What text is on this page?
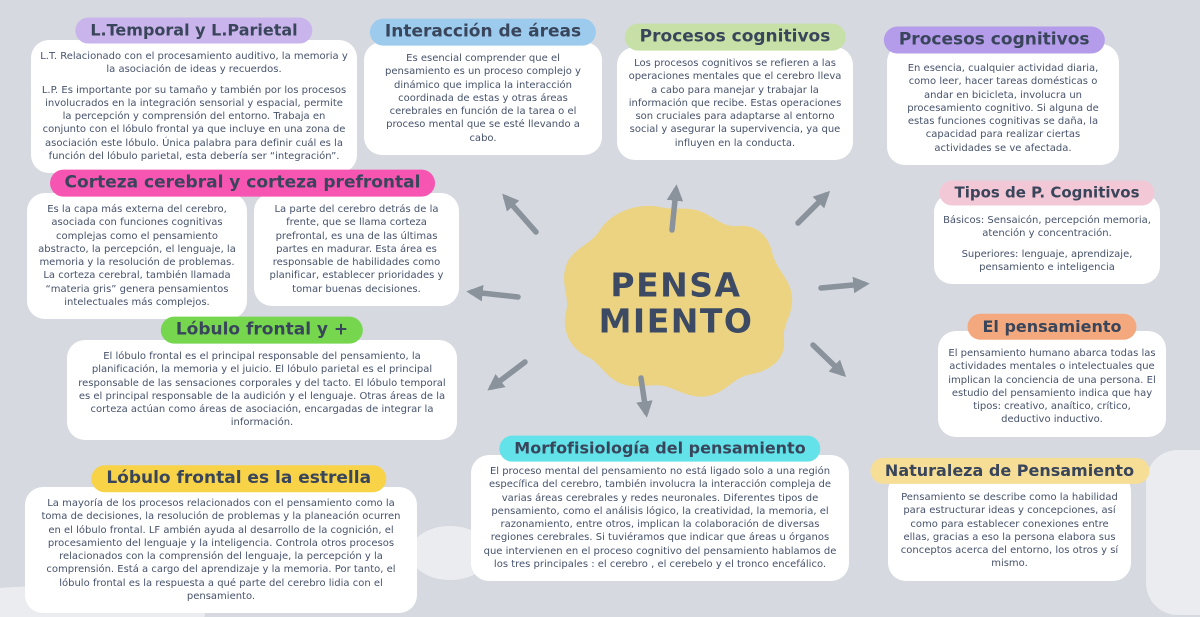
PENSA
MIENTO
L.Temporal y L.Parietal

L.T. Relacionado con el procesamiento auditivo, la memoria y la asociación de ideas y recuerdos.

L.P. Es importante por su tamaño y también por los procesos involucrados en la integración sensorial y espacial, permite la percepción y comprensión del entorno. Trabaja en conjunto con el lóbulo frontal ya que incluye en una zona de asociación este lóbulo. Única palabra para definir cuál es la función del lóbulo parietal, esta debería ser “integración”.

Interacción de áreas

Es esencial comprender que el pensamiento es un proceso complejo y dinámico que implica la interacción coordinada de estas y otras áreas cerebrales en función de la tarea o el proceso mental que se esté llevando a cabo.

Procesos cognitivos

Los procesos cognitivos se refieren a las operaciones mentales que el cerebro lleva a cabo para manejar y trabajar la información que recibe. Estas operaciones son cruciales para adaptarse al entorno social y asegurar la supervivencia, ya que influyen en la conducta.

Procesos cognitivos

En esencia, cualquier actividad diaria, como leer, hacer tareas domésticas o andar en bicicleta, involucra un procesamiento cognitivo. Si alguna de estas funciones cognitivas se daña, la capacidad para realizar ciertas actividades se ve afectada.

Corteza cerebral y corteza prefrontal

Es la capa más externa del cerebro, asociada con funciones cognitivas complejas como el pensamiento abstracto, la percepción, el lenguaje, la memoria y la resolución de problemas. La corteza cerebral, también llamada “materia gris” genera pensamientos intelectuales más complejos.

La parte del cerebro detrás de la frente, que se llama corteza prefrontal, es una de las últimas partes en madurar. Esta área es responsable de habilidades como planificar, establecer prioridades y tomar buenas decisiones.

Tipos de P. Cognitivos

Básicos: Sensaicón, percepción memoria, atención y concentración.

Superiores: lenguaje, aprendizaje, pensamiento e inteligencia

Lóbulo frontal y +

El lóbulo frontal es el principal responsable del pensamiento, la planificación, la memoria y el juicio. El lóbulo parietal es el principal responsable de las sensaciones corporales y del tacto. El lóbulo temporal es el principal responsable de la audición y el lenguaje. Otras áreas de la corteza actúan como áreas de asociación, encargadas de integrar la información.

El pensamiento

El pensamiento humano abarca todas las actividades mentales o intelectuales que implican la conciencia de una persona. El estudio del pensamiento indica que hay tipos: creativo, anaítico, crítico, deductivo inductivo.

Lóbulo frontal es la estrella

La mayoría de los procesos relacionados con el pensamiento como la toma de decisiones, la resolución de problemas y la planeación ocurren en el lóbulo frontal. LF ambién ayuda al desarrollo de la cognición, el procesamiento del lenguaje y la inteligencia. Controla otros procesos relacionados con la comprensión del lenguaje, la percepción y la comprensión. Está a cargo del aprendizaje y la memoria. Por tanto, el lóbulo frontal es la respuesta a qué parte del cerebro lidia con el pensamiento.

Morfofisiología del pensamiento

El proceso mental del pensamiento no está ligado solo a una región específica del cerebro, también involucra la interacción compleja de varias áreas cerebrales y redes neuronales. Diferentes tipos de pensamiento, como el análisis lógico, la creatividad, la memoria, el razonamiento, entre otros, implican la colaboración de diversas regiones cerebrales. Si tuviéramos que indicar que áreas u órganos que intervienen en el proceso cognitivo del pensamiento hablamos de los tres principales : el cerebro , el cerebelo y el tronco encefálico.

Naturaleza de Pensamiento

Pensamiento se describe como la habilidad para estructurar ideas y concepciones, así como para establecer conexiones entre ellas, gracias a eso la persona elabora sus conceptos acerca del entorno, los otros y sí mismo.
